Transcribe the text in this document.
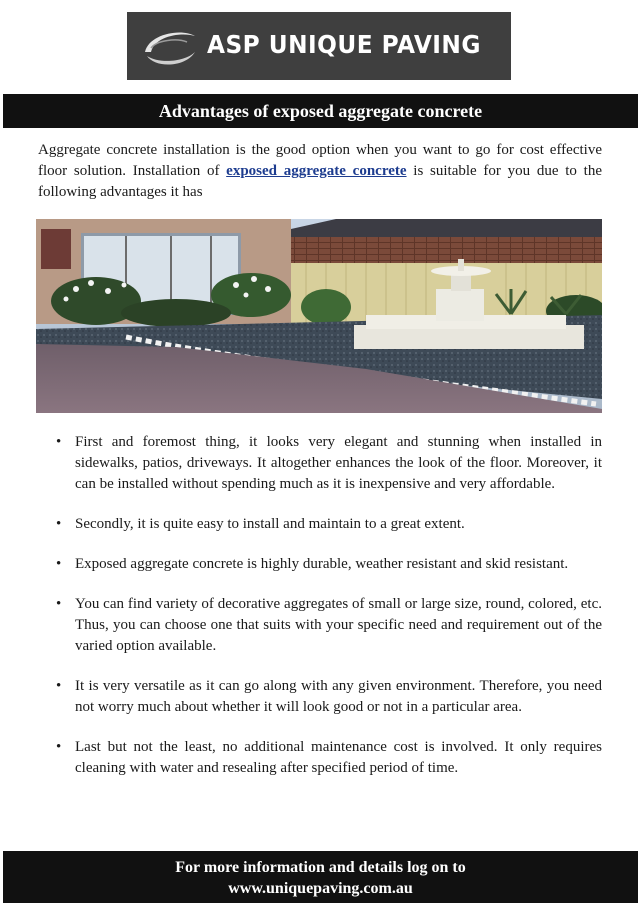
ASP UNIQUE PAVING
Advantages of exposed aggregate concrete

Aggregate concrete installation is the good option when you want to go for cost effective floor solution. Installation of exposed aggregate concrete is suitable for you due to the following advantages it has

• First and foremost thing, it looks very elegant and stunning when installed in sidewalks, patios, driveways. It altogether enhances the look of the floor. Moreover, it can be installed without spending much as it is inexpensive and very affordable.
• Secondly, it is quite easy to install and maintain to a great extent.
• Exposed aggregate concrete is highly durable, weather resistant and skid resistant.
• You can find variety of decorative aggregates of small or large size, round, colored, etc. Thus, you can choose one that suits with your specific need and requirement out of the varied option available.
• It is very versatile as it can go along with any given environment. Therefore, you need not worry much about whether it will look good or not in a particular area.
• Last but not the least, no additional maintenance cost is involved. It only requires cleaning with water and resealing after specified period of time.
For more information and details log on to
www.uniquepaving.com.au
